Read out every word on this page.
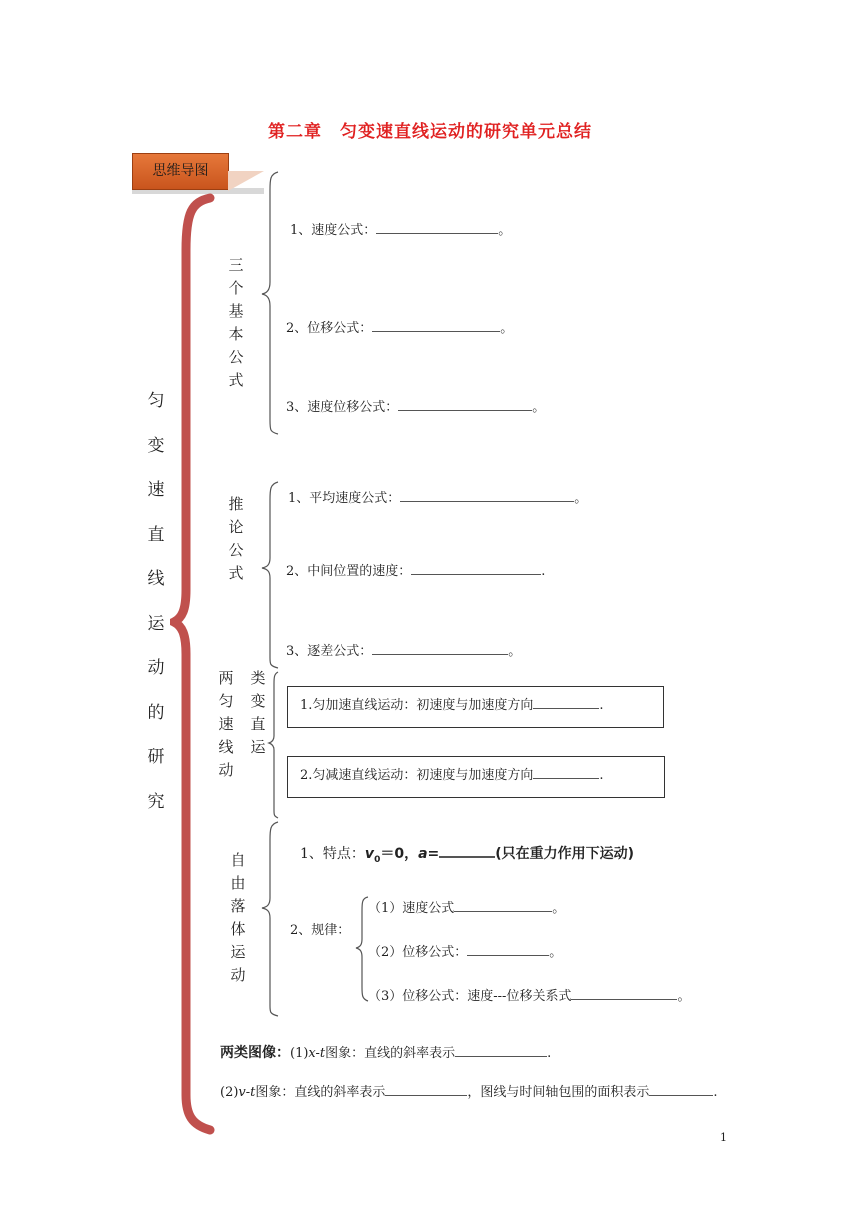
第二章　匀变速直线运动的研究单元总结
思维导图
匀
变
速
直
线
运
动
的
研
究
三
个
基
本
公
式
1、速度公式：	。
2、位移公式：	。
3、速度位移公式：	。
推
论
公
式
1、平均速度公式：	。
2、中间位置的速度：	.
3、逐差公式：	。
两
匀
速
线
动
类
变
直
运
1.匀加速直线运动：初速度与加速度方向	.
2.匀减速直线运动：初速度与加速度方向	.
自
由
落
体
运
动
1、特点：$v_0=0$，a=	(只在重力作用下运动)
2、规律：
（1）速度公式	。
（2）位移公式：	。
（3）位移公式：速度---位移关系式	。
两类图像：(1)x-t图象：直线的斜率表示	.
(2)v-t图象：直线的斜率表示	，图线与时间轴包围的面积表示	.
1
